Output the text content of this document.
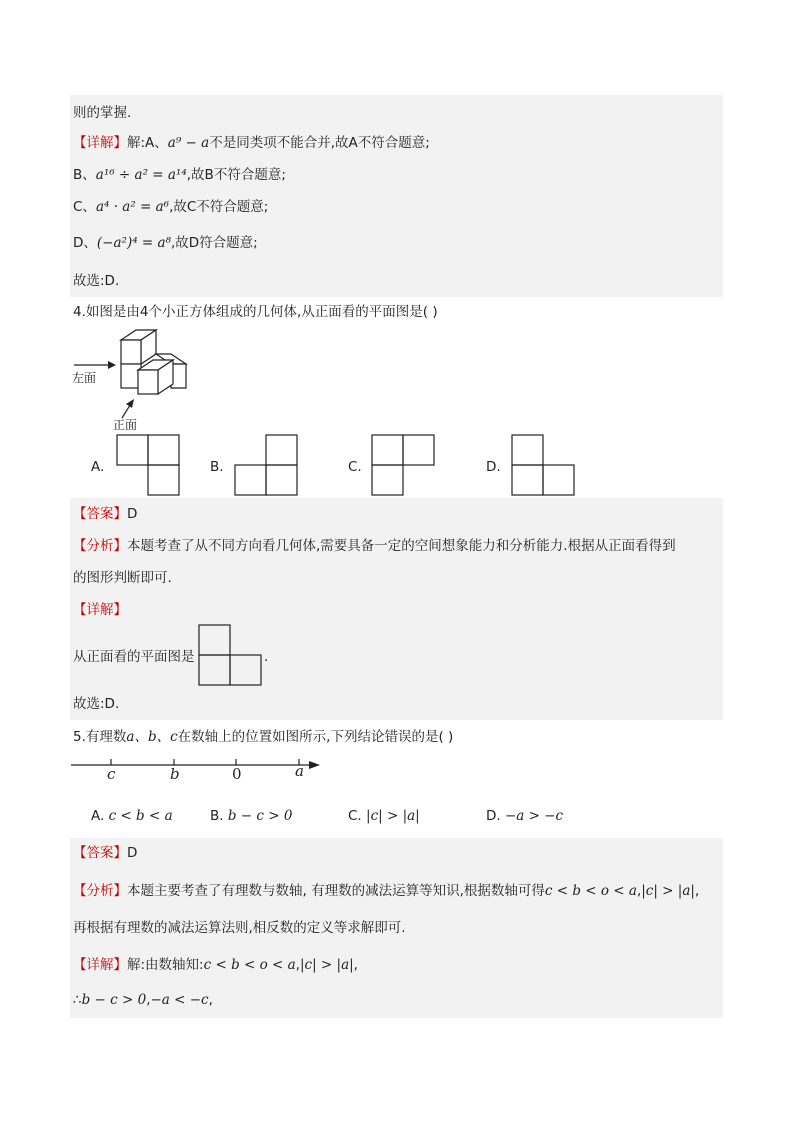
则的掌握.
【详解】解:A、a⁹ − a不是同类项不能合并,故A不符合题意;
B、a¹⁶ ÷ a² = a¹⁴,故B不符合题意;
C、a⁴ · a² = a⁶,故C不符合题意;
D、(−a²)⁴ = a⁸,故D符合题意;
故选:D.
4.如图是由4个小正方体组成的几何体,从正面看的平面图是( )
左面
正面
A.	B.	C.	D.
【答案】D
【分析】本题考查了从不同方向看几何体,需要具备一定的空间想象能力和分析能力.根据从正面看得到
的图形判断即可.
【详解】
从正面看的平面图是	.
故选:D.
5.有理数a、b、c在数轴上的位置如图所示,下列结论错误的是( )
c	b	0	a
A. c < b < a	B. b − c > 0	C. |c| > |a|	D. −a > −c
【答案】D
【分析】本题主要考查了有理数与数轴, 有理数的减法运算等知识,根据数轴可得c < b < o < a,|c| > |a|,
再根据有理数的减法运算法则,相反数的定义等求解即可.
【详解】解:由数轴知:c < b < o < a,|c| > |a|,
∴b − c > 0,−a < −c,
